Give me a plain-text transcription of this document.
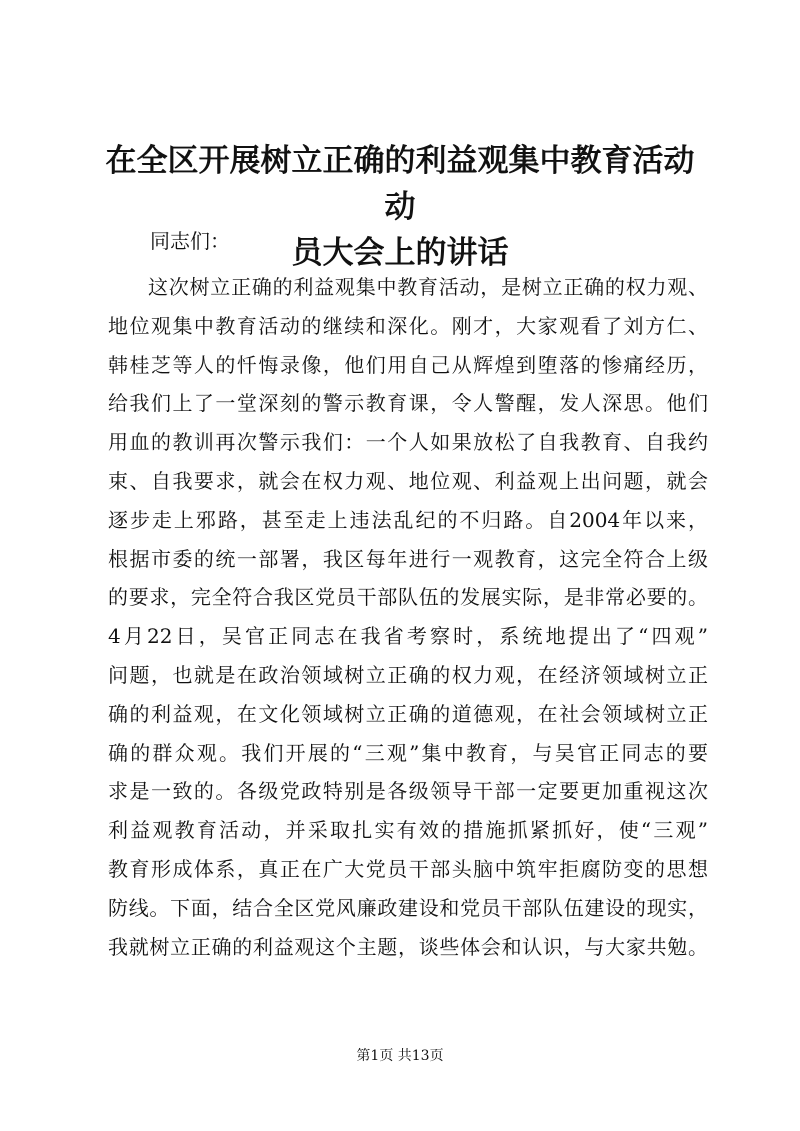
在全区开展树立正确的利益观集中教育活动动
员大会上的讲话

同志们：

这次树立正确的利益观集中教育活动，是树立正确的权力观、
地位观集中教育活动的继续和深化。刚才，大家观看了刘方仁、
韩桂芝等人的忏悔录像，他们用自己从辉煌到堕落的惨痛经历，
给我们上了一堂深刻的警示教育课，令人警醒，发人深思。他们
用血的教训再次警示我们：一个人如果放松了自我教育、自我约
束、自我要求，就会在权力观、地位观、利益观上出问题，就会
逐步走上邪路，甚至走上违法乱纪的不归路。自2004年以来，
根据市委的统一部署，我区每年进行一观教育，这完全符合上级
的要求，完全符合我区党员干部队伍的发展实际，是非常必要的。
4月22日，吴官正同志在我省考察时，系统地提出了“四观”
问题，也就是在政治领域树立正确的权力观，在经济领域树立正
确的利益观，在文化领域树立正确的道德观，在社会领域树立正
确的群众观。我们开展的“三观”集中教育，与吴官正同志的要
求是一致的。各级党政特别是各级领导干部一定要更加重视这次
利益观教育活动，并采取扎实有效的措施抓紧抓好，使“三观”
教育形成体系，真正在广大党员干部头脑中筑牢拒腐防变的思想
防线。下面，结合全区党风廉政建设和党员干部队伍建设的现实，
我就树立正确的利益观这个主题，谈些体会和认识，与大家共勉。

第1页 共13页
